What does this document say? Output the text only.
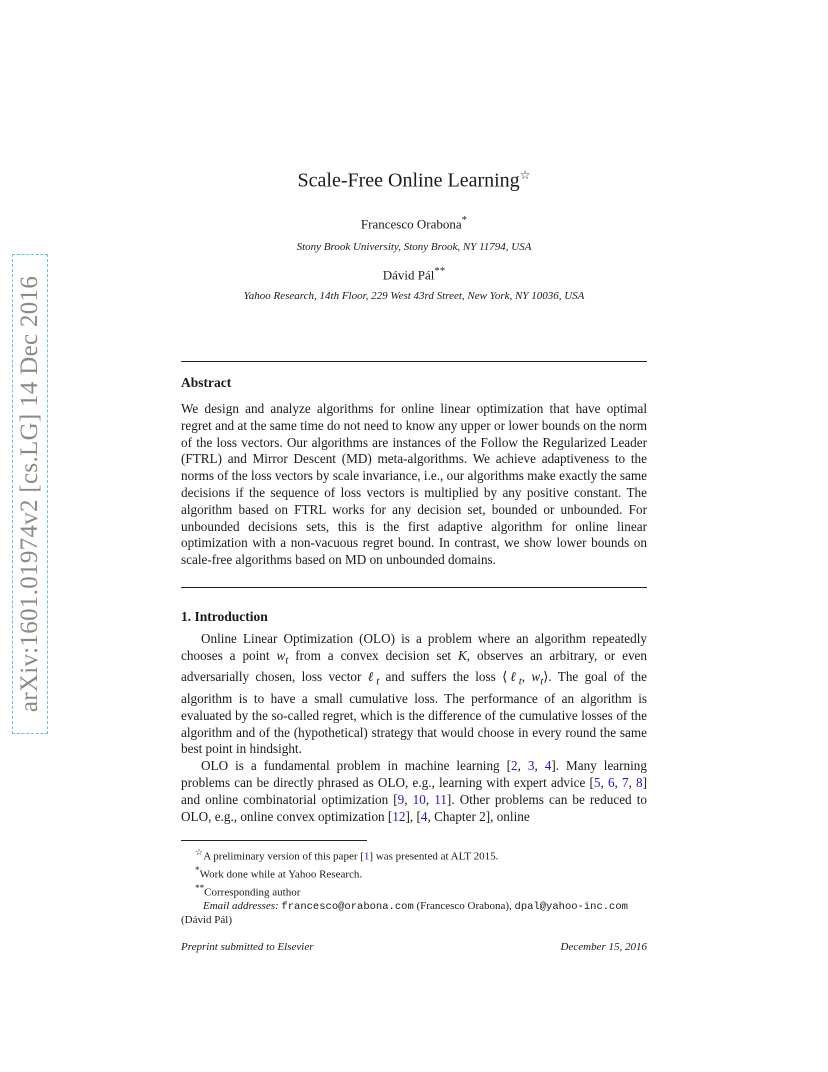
arXiv:1601.01974v2 [cs.LG] 14 Dec 2016
Scale-Free Online Learning☆
Francesco Orabona*
Stony Brook University, Stony Brook, NY 11794, USA
Dávid Pál**
Yahoo Research, 14th Floor, 229 West 43rd Street, New York, NY 10036, USA
Abstract
We design and analyze algorithms for online linear optimization that have optimal regret and at the same time do not need to know any upper or lower bounds on the norm of the loss vectors. Our algorithms are instances of the Follow the Regularized Leader (FTRL) and Mirror Descent (MD) meta-algorithms. We achieve adaptiveness to the norms of the loss vectors by scale invariance, i.e., our algorithms make exactly the same decisions if the sequence of loss vectors is multiplied by any positive constant. The algorithm based on FTRL works for any decision set, bounded or unbounded. For unbounded decisions sets, this is the first adaptive algorithm for online linear optimization with a non-vacuous regret bound. In contrast, we show lower bounds on scale-free algorithms based on MD on unbounded domains.
1. Introduction

Online Linear Optimization (OLO) is a problem where an algorithm repeatedly chooses a point $w_t$ from a convex decision set K, observes an arbitrary, or even adversarially chosen, loss vector ℓ$_t$ and suffers the loss ⟨ℓ$_t$, $w_t⟩$. The goal of the algorithm is to have a small cumulative loss. The performance of an algorithm is evaluated by the so-called regret, which is the difference of the cumulative losses of the algorithm and of the (hypothetical) strategy that would choose in every round the same best point in hindsight.

OLO is a fundamental problem in machine learning [2, 3, 4]. Many learning problems can be directly phrased as OLO, e.g., learning with expert advice [5, 6, 7, 8] and online combinatorial optimization [9, 10, 11]. Other problems can be reduced to OLO, e.g., online convex optimization [12], [4, Chapter 2], online

☆A preliminary version of this paper [1] was presented at ALT 2015.
*Work done while at Yahoo Research.
**Corresponding author
Email addresses: francesco@orabona.com (Francesco Orabona), dpal@yahoo-inc.com (Dávid Pál)
Preprint submitted to Elsevier	December 15, 2016
